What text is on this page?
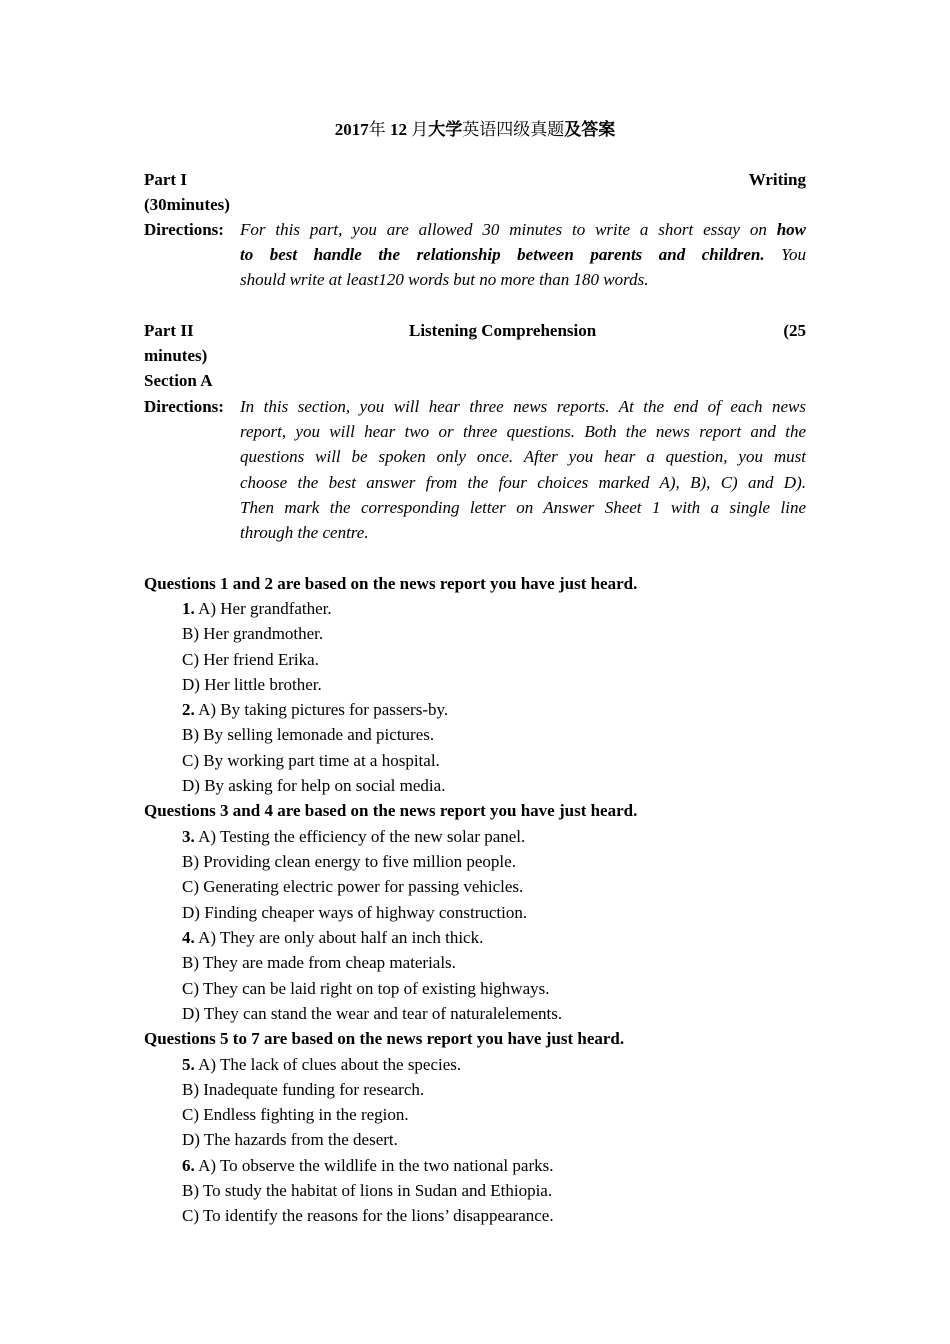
2017年 12 月大学英语四级真题及答案
Part I	Writing
(30minutes)
Directions: For this part, you are allowed 30 minutes to write a short essay on how
to best handle the relationship between parents and children. You
should write at least120 words but no more than 180 words.
Part II	Listening Comprehension	(25
minutes)
Section A
Directions: In this section, you will hear three news reports. At the end of each news
report, you will hear two or three questions. Both the news report and the
questions will be spoken only once. After you hear a question, you must
choose the best answer from the four choices marked A), B), C) and D).
Then mark the corresponding letter on Answer Sheet 1 with a single line
through the centre.
Questions 1 and 2 are based on the news report you have just heard.
1. A) Her grandfather.
B) Her grandmother.
C) Her friend Erika.
D) Her little brother.
2. A) By taking pictures for passers-by.
B) By selling lemonade and pictures.
C) By working part time at a hospital.
D) By asking for help on social media.
Questions 3 and 4 are based on the news report you have just heard.
3. A) Testing the efficiency of the new solar panel.
B) Providing clean energy to five million people.
C) Generating electric power for passing vehicles.
D) Finding cheaper ways of highway construction.
4. A) They are only about half an inch thick.
B) They are made from cheap materials.
C) They can be laid right on top of existing highways.
D) They can stand the wear and tear of naturalelements.
Questions 5 to 7 are based on the news report you have just heard.
5. A) The lack of clues about the species.
B) Inadequate funding for research.
C) Endless fighting in the region.
D) The hazards from the desert.
6. A) To observe the wildlife in the two national parks.
B) To study the habitat of lions in Sudan and Ethiopia.
C) To identify the reasons for the lions’ disappearance.
